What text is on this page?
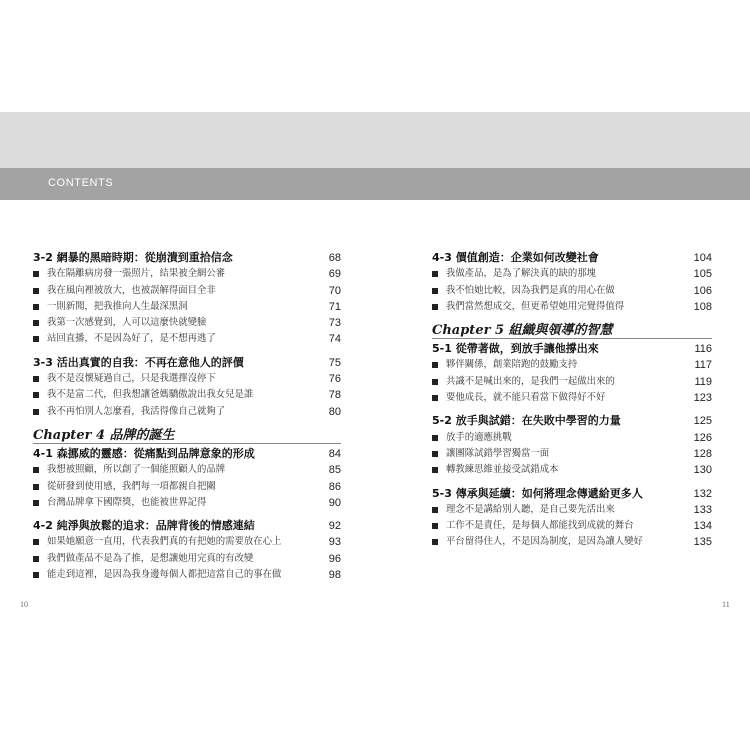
CONTENTS
3-2 網暴的黑暗時期：從崩潰到重拾信念	68
我在隔離病房發一張照片，結果被全網公審	69
我在風向裡被放大，也被誤解得面目全非	70
一則新聞，把我推向人生最深黑洞	71
我第一次感覺到，人可以這麼快就變臉	73
站回直播，不是因為好了，是不想再逃了	74
3-3 活出真實的自我：不再在意他人的評價	75
我不是沒懷疑過自己，只是我選擇沒停下	76
我不是富二代，但我想讓爸媽驕傲說出我女兒是誰	78
我不再怕別人怎麼看，我活得像自己就夠了	80
Chapter 4 品牌的誕生
4-1 森挪威的靈感：從痛點到品牌意象的形成	84
我想被照顧，所以創了一個能照顧人的品牌	85
從研發到使用感，我們每一項都親自把關	86
台灣品牌拿下國際獎，也能被世界記得	90
4-2 純淨與放鬆的追求：品牌背後的情感連結	92
如果她願意一直用，代表我們真的有把她的需要放在心上	93
我們做產品不是為了推，是想讓她用完真的有改變	96
能走到這裡，是因為我身邊每個人都把這當自己的事在做	98
4-3 價值創造：企業如何改變社會	104
我做產品，是為了解決真的缺的那塊	105
我不怕她比較，因為我們是真的用心在做	106
我們當然想成交，但更希望她用完覺得值得	108
Chapter 5 組織與領導的智慧
5-1 從帶著做，到放手讓他撐出來	116
夥伴關係，創業陪跑的鼓勵支持	117
共識不是喊出來的，是我們一起做出來的	119
要他成長，就不能只看當下做得好不好	123
5-2 放手與試錯：在失敗中學習的力量	125
放手的適應挑戰	126
讓團隊試錯學習獨當一面	128
轉教練思維並接受試錯成本	130
5-3 傳承與延續：如何將理念傳遞給更多人	132
理念不是講給別人聽，是自己要先活出來	133
工作不是責任，是每個人都能找到成就的舞台	134
平台留得住人，不是因為制度，是因為讓人變好	135
10	11
